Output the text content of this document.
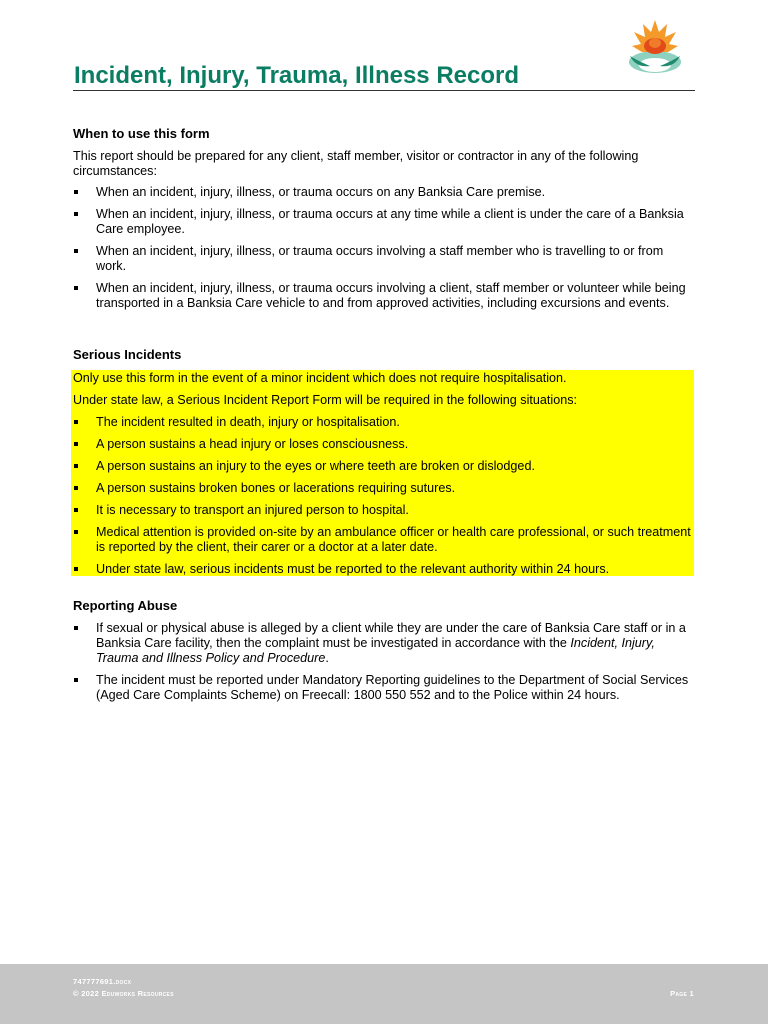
Incident, Injury, Trauma, Illness Record
When to use this form

This report should be prepared for any client, staff member, visitor or contractor in any of the following circumstances:

When an incident, injury, illness, or trauma occurs on any Banksia Care premise.
When an incident, injury, illness, or trauma occurs at any time while a client is under the care of a Banksia Care employee.
When an incident, injury, illness, or trauma occurs involving a staff member who is travelling to or from work.
When an incident, injury, illness, or trauma occurs involving a client, staff member or volunteer while being transported in a Banksia Care vehicle to and from approved activities, including excursions and events.
Serious Incidents
Only use this form in the event of a minor incident which does not require hospitalisation.
Under state law, a Serious Incident Report Form will be required in the following situations:
The incident resulted in death, injury or hospitalisation.
A person sustains a head injury or loses consciousness.
A person sustains an injury to the eyes or where teeth are broken or dislodged.
A person sustains broken bones or lacerations requiring sutures.
It is necessary to transport an injured person to hospital.
Medical attention is provided on-site by an ambulance officer or health care professional, or such treatment is reported by the client, their carer or a doctor at a later date.
Under state law, serious incidents must be reported to the relevant authority within 24 hours.
Reporting Abuse
If sexual or physical abuse is alleged by a client while they are under the care of Banksia Care staff or in a Banksia Care facility, then the complaint must be investigated in accordance with the Incident, Injury, Trauma and Illness Policy and Procedure.
The incident must be reported under Mandatory Reporting guidelines to the Department of Social Services (Aged Care Complaints Scheme) on Freecall: 1800 550 552 and to the Police within 24 hours.
747777691.docx
© 2022 Eduworks Resources	Page 1
